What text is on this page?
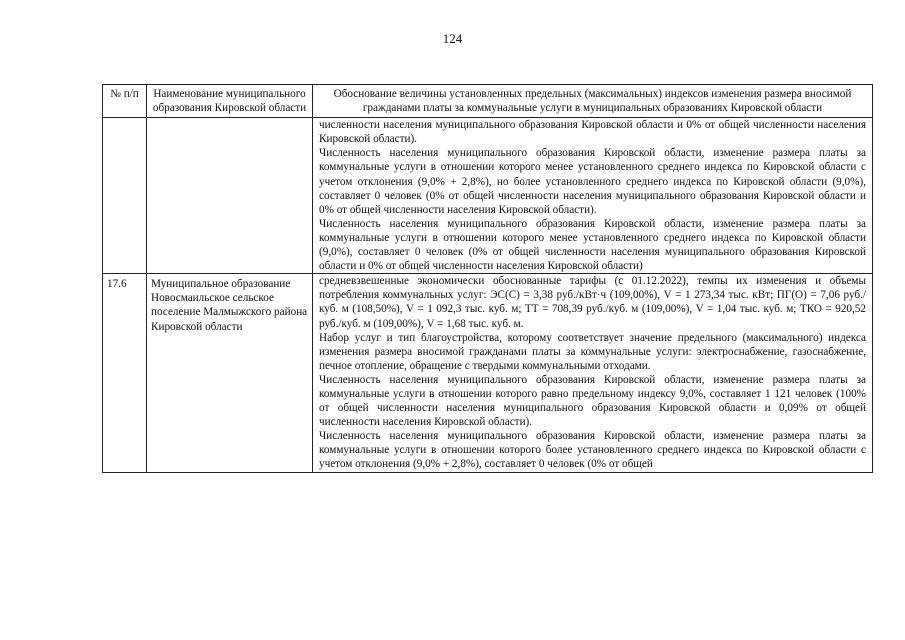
124
№ п/п	Наименование муниципального образования Кировской области	Обоснование величины установленных предельных (максимальных) индексов изменения размера вносимой гражданами платы за коммунальные услуги в муниципальных образованиях Кировской области

		численности населения муниципального образования Кировской области и 0% от общей численности населения Кировской области).

Численность населения муниципального образования Кировской области, изменение размера платы за коммунальные услуги в отношении которого менее установленного среднего индекса по Кировской области с учетом отклонения (9,0% + 2,8%), но более установленного среднего индекса по Кировской области (9,0%), составляет 0 человек (0% от общей численности населения муниципального образования Кировской области и 0% от общей численности населения Кировской области).

Численность населения муниципального образования Кировской области, изменение размера платы за коммунальные услуги в отношении которого менее установленного среднего индекса по Кировской области (9,0%), составляет 0 человек (0% от общей численности населения муниципального образования Кировской области и 0% от общей численности населения Кировской области)

17.6	Муниципальное образование Новосмаильское сельское поселение Малмыжского района Кировской области	средневзвешенные экономически обоснованные тарифы (с 01.12.2022), темпы их изменения и объемы потребления коммунальных услуг: ЭС(С) = 3,38 руб./кВт·ч (109,00%), V = 1 273,34 тыс. кВт; ПГ(О) = 7,06 руб./куб. м (108,50%), V = 1 092,3 тыс. куб. м; ТТ = 708,39 руб./куб. м (109,00%), V = 1,04 тыс. куб. м; ТКО = 920,52 руб./куб. м (109,00%), V = 1,68 тыс. куб. м.

Набор услуг и тип благоустройства, которому соответствует значение предельного (максимального) индекса изменения размера вносимой гражданами платы за коммунальные услуги: электроснабжение, газоснабжение, печное отопление, обращение с твердыми коммунальными отходами.

Численность населения муниципального образования Кировской области, изменение размера платы за коммунальные услуги в отношении которого равно предельному индексу 9,0%, составляет 1 121 человек (100% от общей численности населения муниципального образования Кировской области и 0,09% от общей численности населения Кировской области).

Численность населения муниципального образования Кировской области, изменение размера платы за коммунальные услуги в отношении которого более установленного среднего индекса по Кировской области с учетом отклонения (9,0% + 2,8%), составляет 0 человек (0% от общей
